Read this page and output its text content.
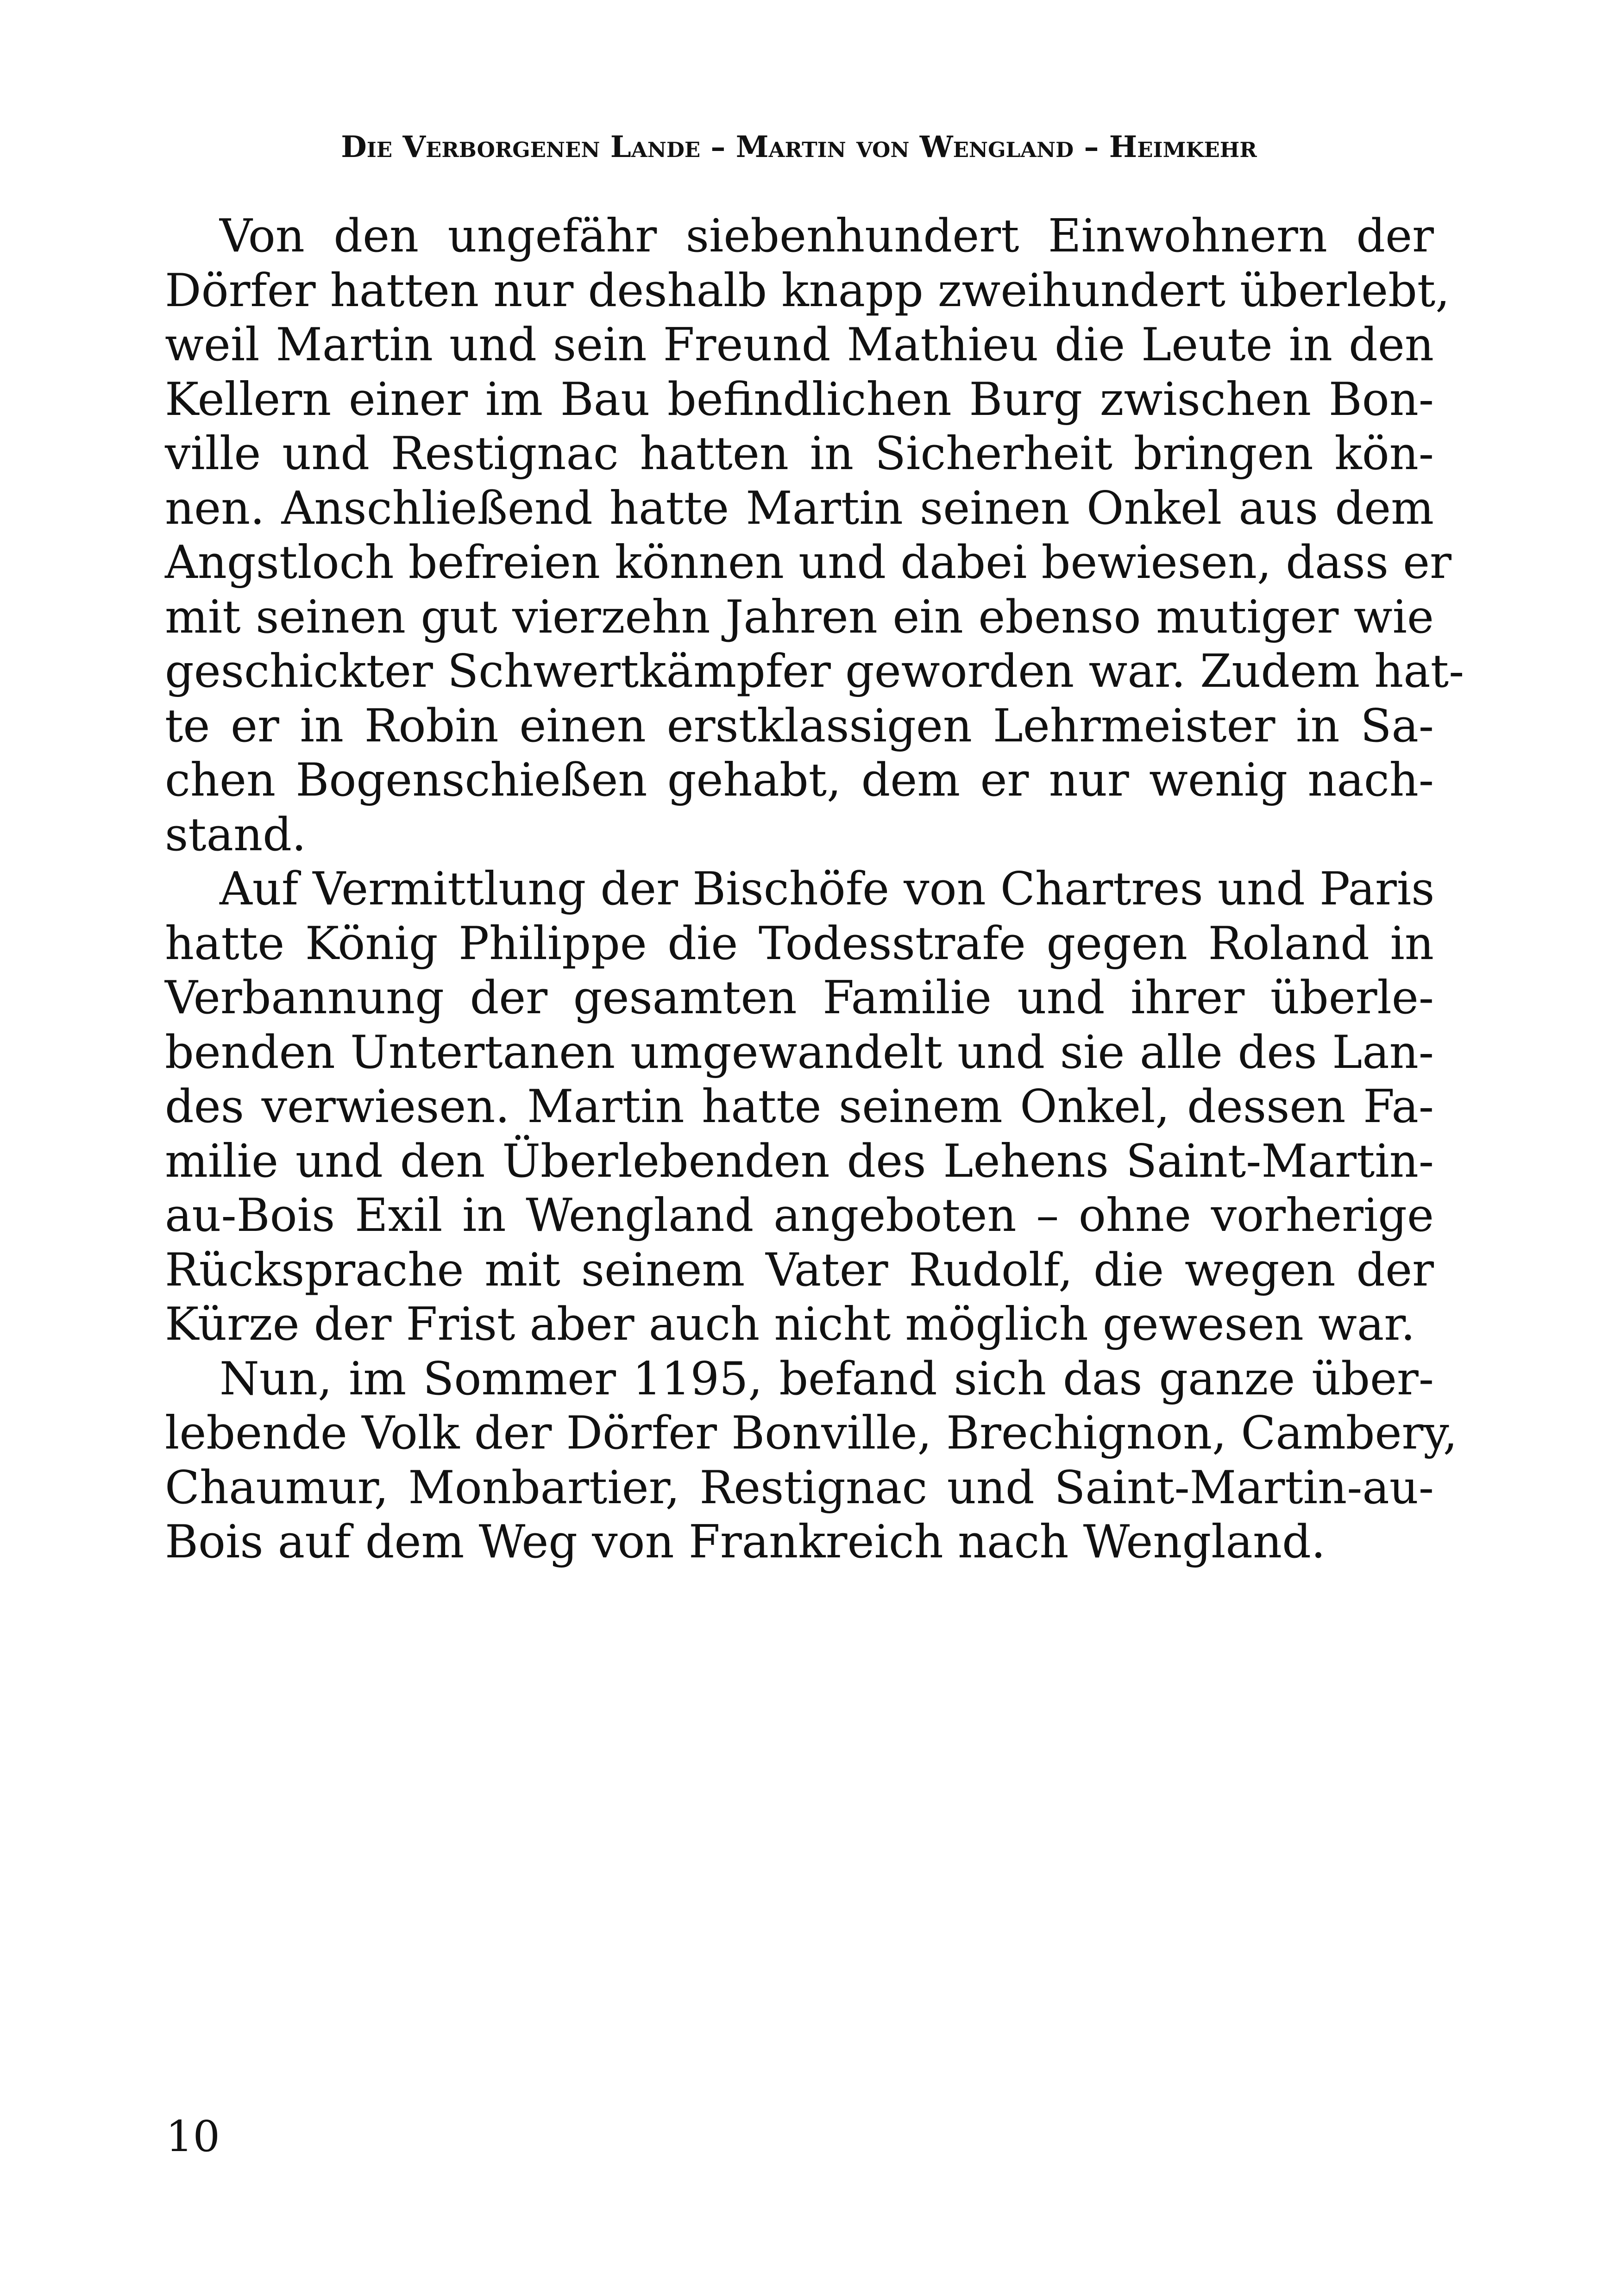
Die Verborgenen Lande – Martin von Wengland – Heimkehr

Von den ungefähr siebenhundert Einwohnern der
Dörfer hatten nur deshalb knapp zweihundert überlebt,
weil Martin und sein Freund Mathieu die Leute in den
Kellern einer im Bau befindlichen Burg zwischen Bon-
ville und Restignac hatten in Sicherheit bringen kön-
nen. Anschließend hatte Martin seinen Onkel aus dem
Angstloch befreien können und dabei bewiesen, dass er
mit seinen gut vierzehn Jahren ein ebenso mutiger wie
geschickter Schwertkämpfer geworden war. Zudem hat-
te er in Robin einen erstklassigen Lehrmeister in Sa-
chen Bogenschießen gehabt, dem er nur wenig nach-
stand.

Auf Vermittlung der Bischöfe von Chartres und Paris
hatte König Philippe die Todesstrafe gegen Roland in
Verbannung der gesamten Familie und ihrer überle-
benden Untertanen umgewandelt und sie alle des Lan-
des verwiesen. Martin hatte seinem Onkel, dessen Fa-
milie und den Überlebenden des Lehens Saint-Martin-
au-Bois Exil in Wengland angeboten – ohne vorherige
Rücksprache mit seinem Vater Rudolf, die wegen der
Kürze der Frist aber auch nicht möglich gewesen war.

Nun, im Sommer 1195, befand sich das ganze über-
lebende Volk der Dörfer Bonville, Brechignon, Cambery,
Chaumur, Monbartier, Restignac und Saint-Martin-au-
Bois auf dem Weg von Frankreich nach Wengland.

10
